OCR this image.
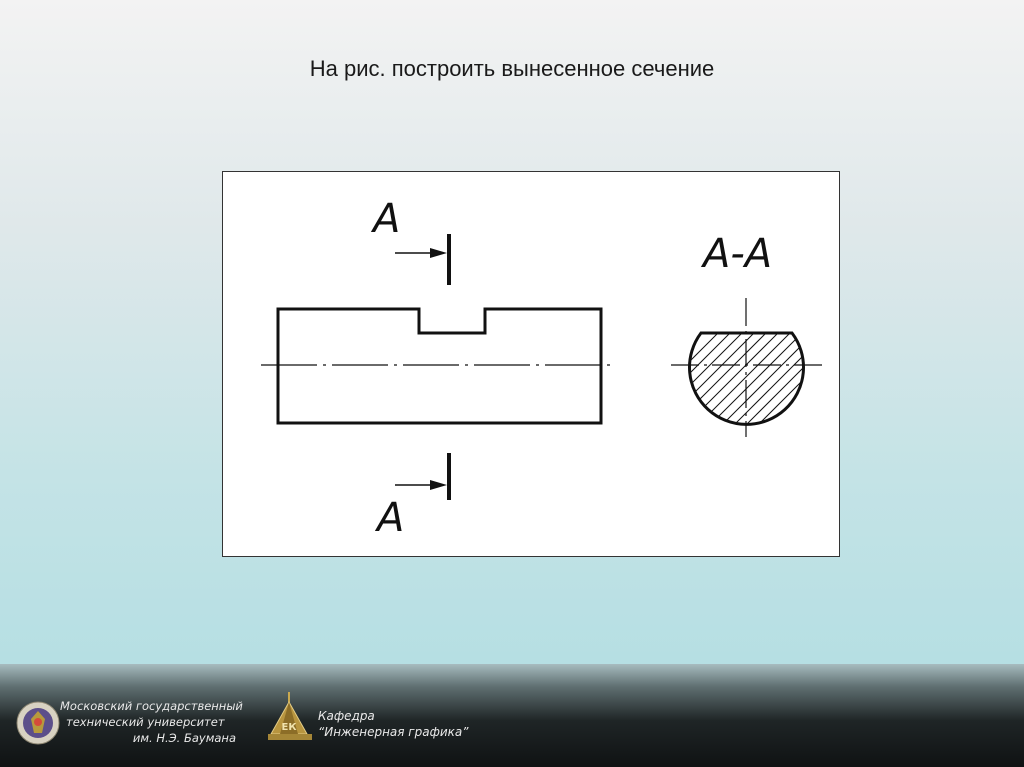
На рис. построить вынесенное сечение
А
А
А-А
Московский государственный
технический университет
им. Н.Э. Баумана
ЕК
Кафедра
“Инженерная графика”
